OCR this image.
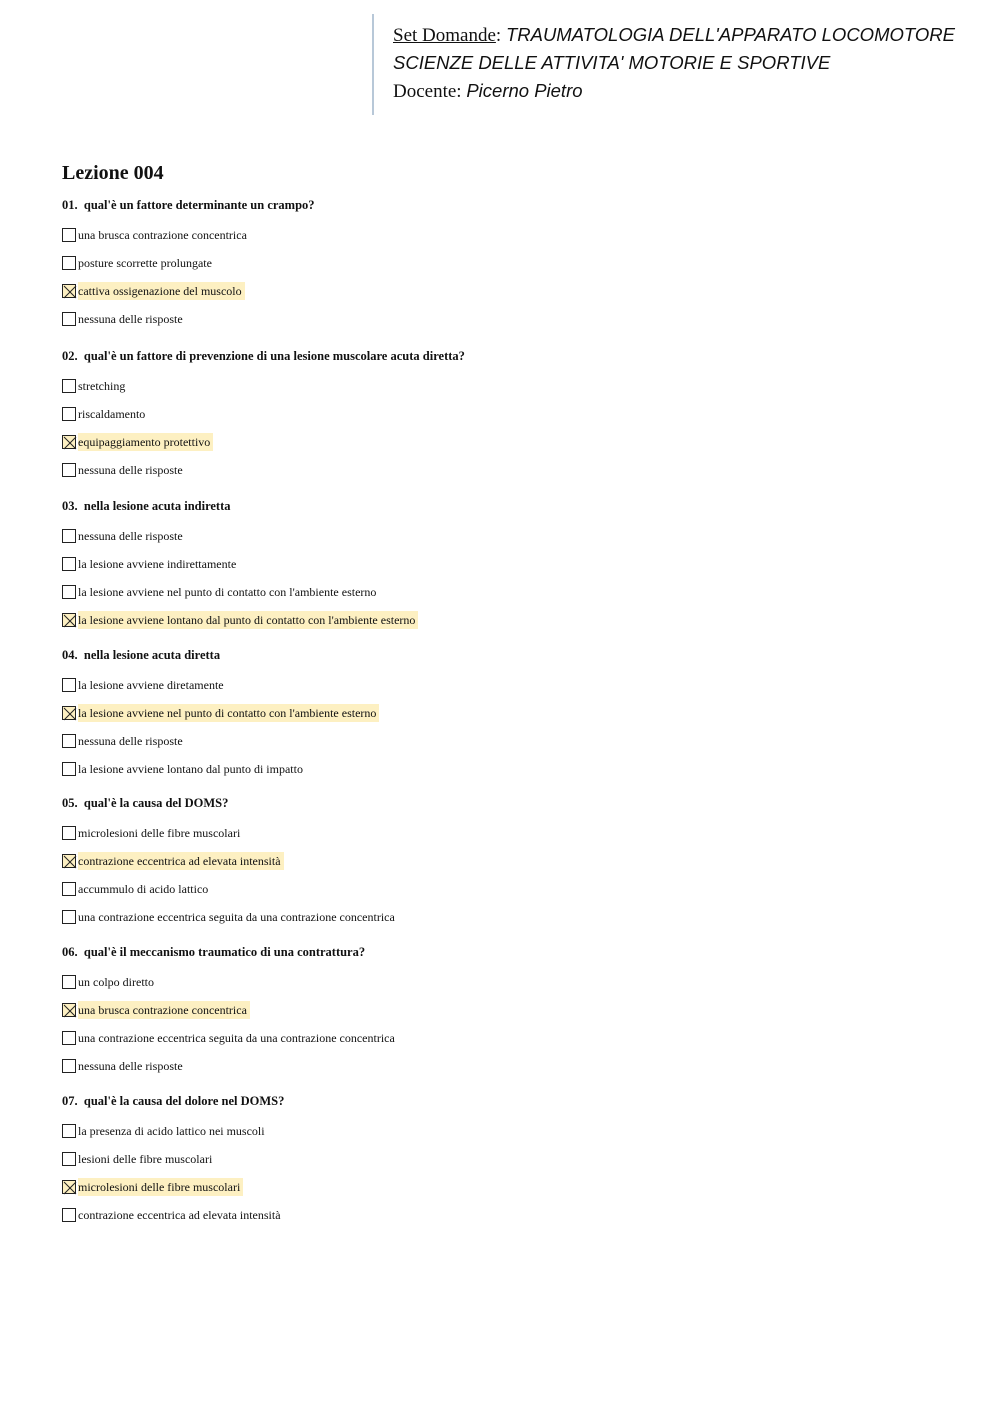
Set Domande: TRAUMATOLOGIA DELL'APPARATO LOCOMOTORE
SCIENZE DELLE ATTIVITA' MOTORIE E SPORTIVE
Docente: Picerno Pietro
Lezione 004
01. qual'è un fattore determinante un crampo?
una brusca contrazione concentrica
posture scorrette prolungate
cattiva ossigenazione del muscolo
nessuna delle risposte
02. qual'è un fattore di prevenzione di una lesione muscolare acuta diretta?
stretching
riscaldamento
equipaggiamento protettivo
nessuna delle risposte
03. nella lesione acuta indiretta
nessuna delle risposte
la lesione avviene indirettamente
la lesione avviene nel punto di contatto con l'ambiente esterno
la lesione avviene lontano dal punto di contatto con l'ambiente esterno
04. nella lesione acuta diretta
la lesione avviene diretamente
la lesione avviene nel punto di contatto con l'ambiente esterno
nessuna delle risposte
la lesione avviene lontano dal punto di impatto
05. qual'è la causa del DOMS?
microlesioni delle fibre muscolari
contrazione eccentrica ad elevata intensità
accummulo di acido lattico
una contrazione eccentrica seguita da una contrazione concentrica
06. qual'è il meccanismo traumatico di una contrattura?
un colpo diretto
una brusca contrazione concentrica
una contrazione eccentrica seguita da una contrazione concentrica
nessuna delle risposte
07. qual'è la causa del dolore nel DOMS?
la presenza di acido lattico nei muscoli
lesioni delle fibre muscolari
microlesioni delle fibre muscolari
contrazione eccentrica ad elevata intensità
